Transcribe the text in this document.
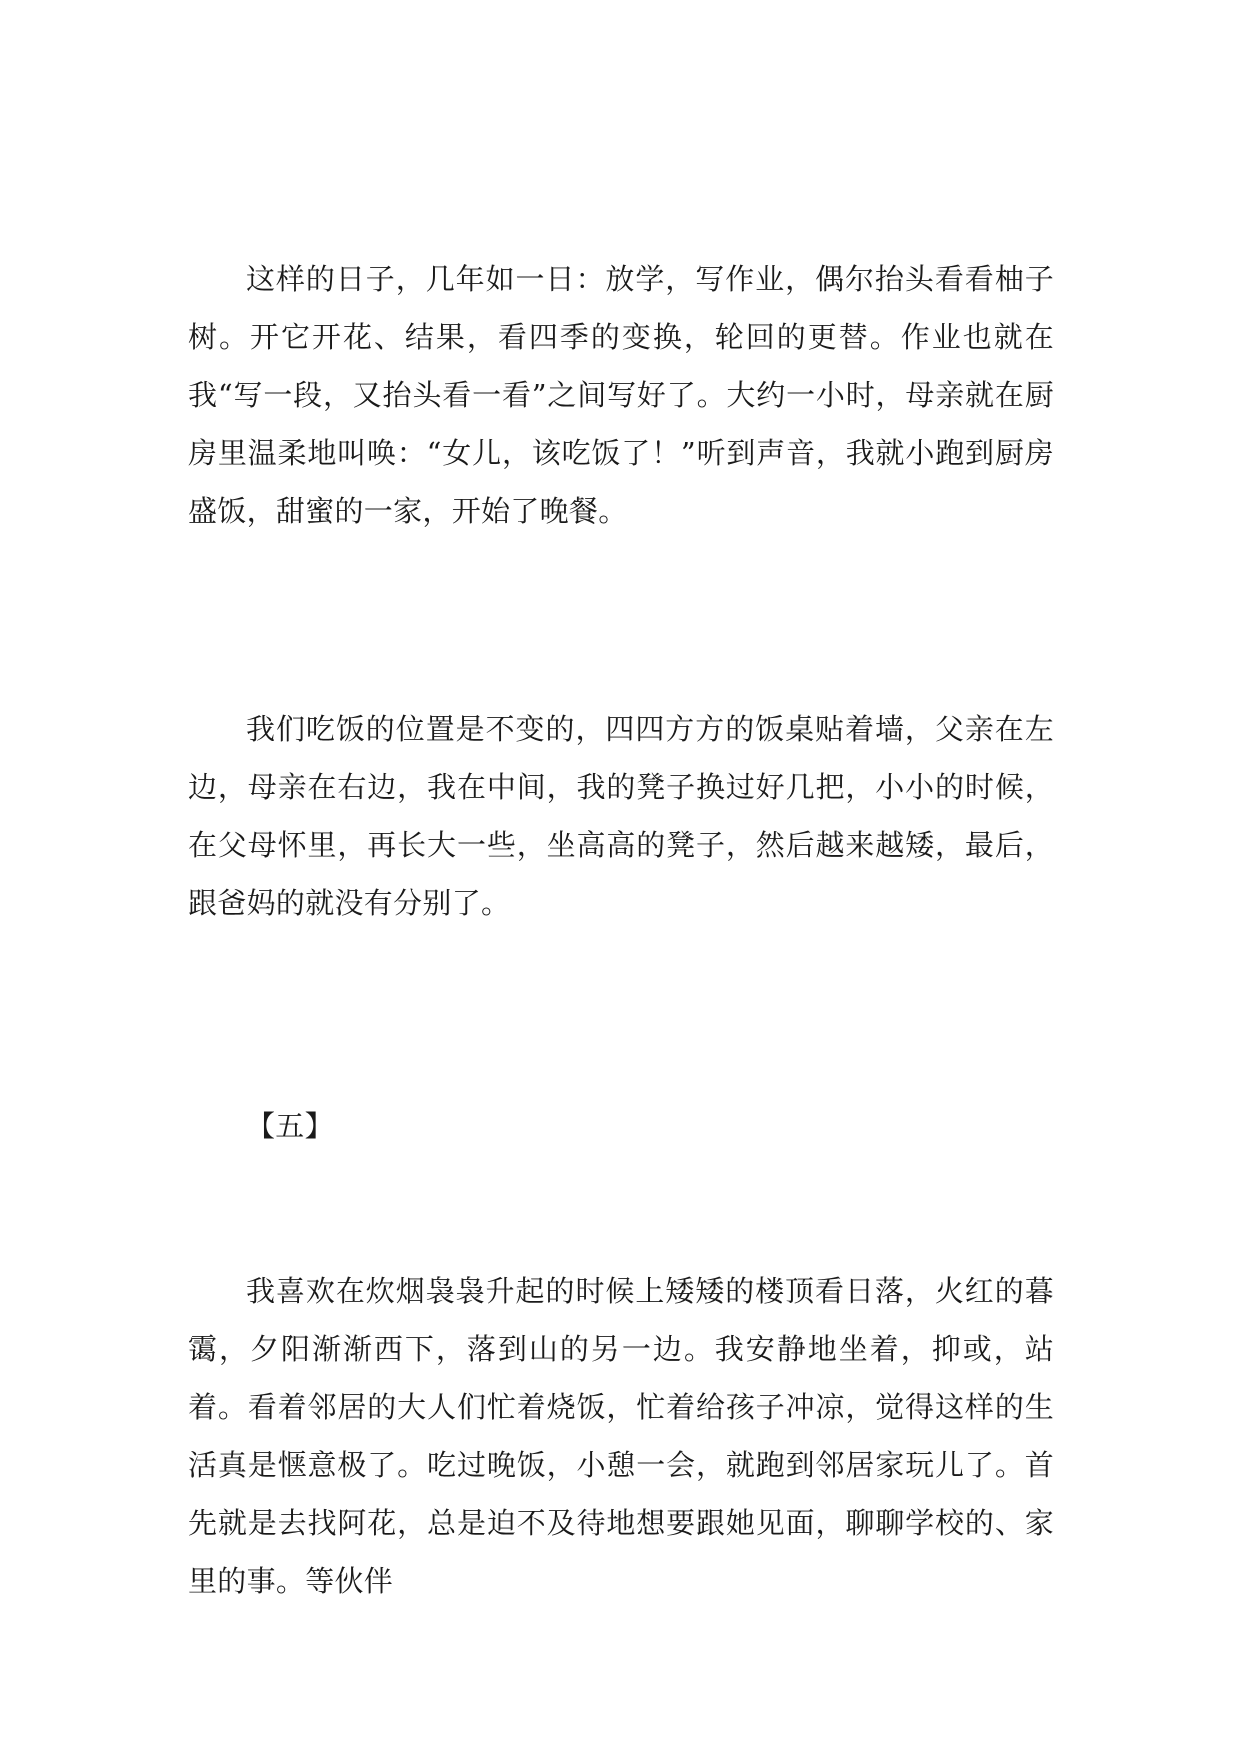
这样的日子，几年如一日：放学，写作业，偶尔抬头看看柚子树。开它开花、结果，看四季的变换，轮回的更替。作业也就在我“写一段，又抬头看一看”之间写好了。大约一小时，母亲就在厨房里温柔地叫唤：“女儿，该吃饭了！”听到声音，我就小跑到厨房盛饭，甜蜜的一家，开始了晚餐。

我们吃饭的位置是不变的，四四方方的饭桌贴着墙，父亲在左边，母亲在右边，我在中间，我的凳子换过好几把，小小的时候，在父母怀里，再长大一些，坐高高的凳子，然后越来越矮，最后，跟爸妈的就没有分别了。

【五】

我喜欢在炊烟袅袅升起的时候上矮矮的楼顶看日落，火红的暮霭，夕阳渐渐西下，落到山的另一边。我安静地坐着，抑或，站着。看着邻居的大人们忙着烧饭，忙着给孩子冲凉，觉得这样的生活真是惬意极了。吃过晚饭，小憩一会，就跑到邻居家玩儿了。首先就是去找阿花，总是迫不及待地想要跟她见面，聊聊学校的、家里的事。等伙伴
